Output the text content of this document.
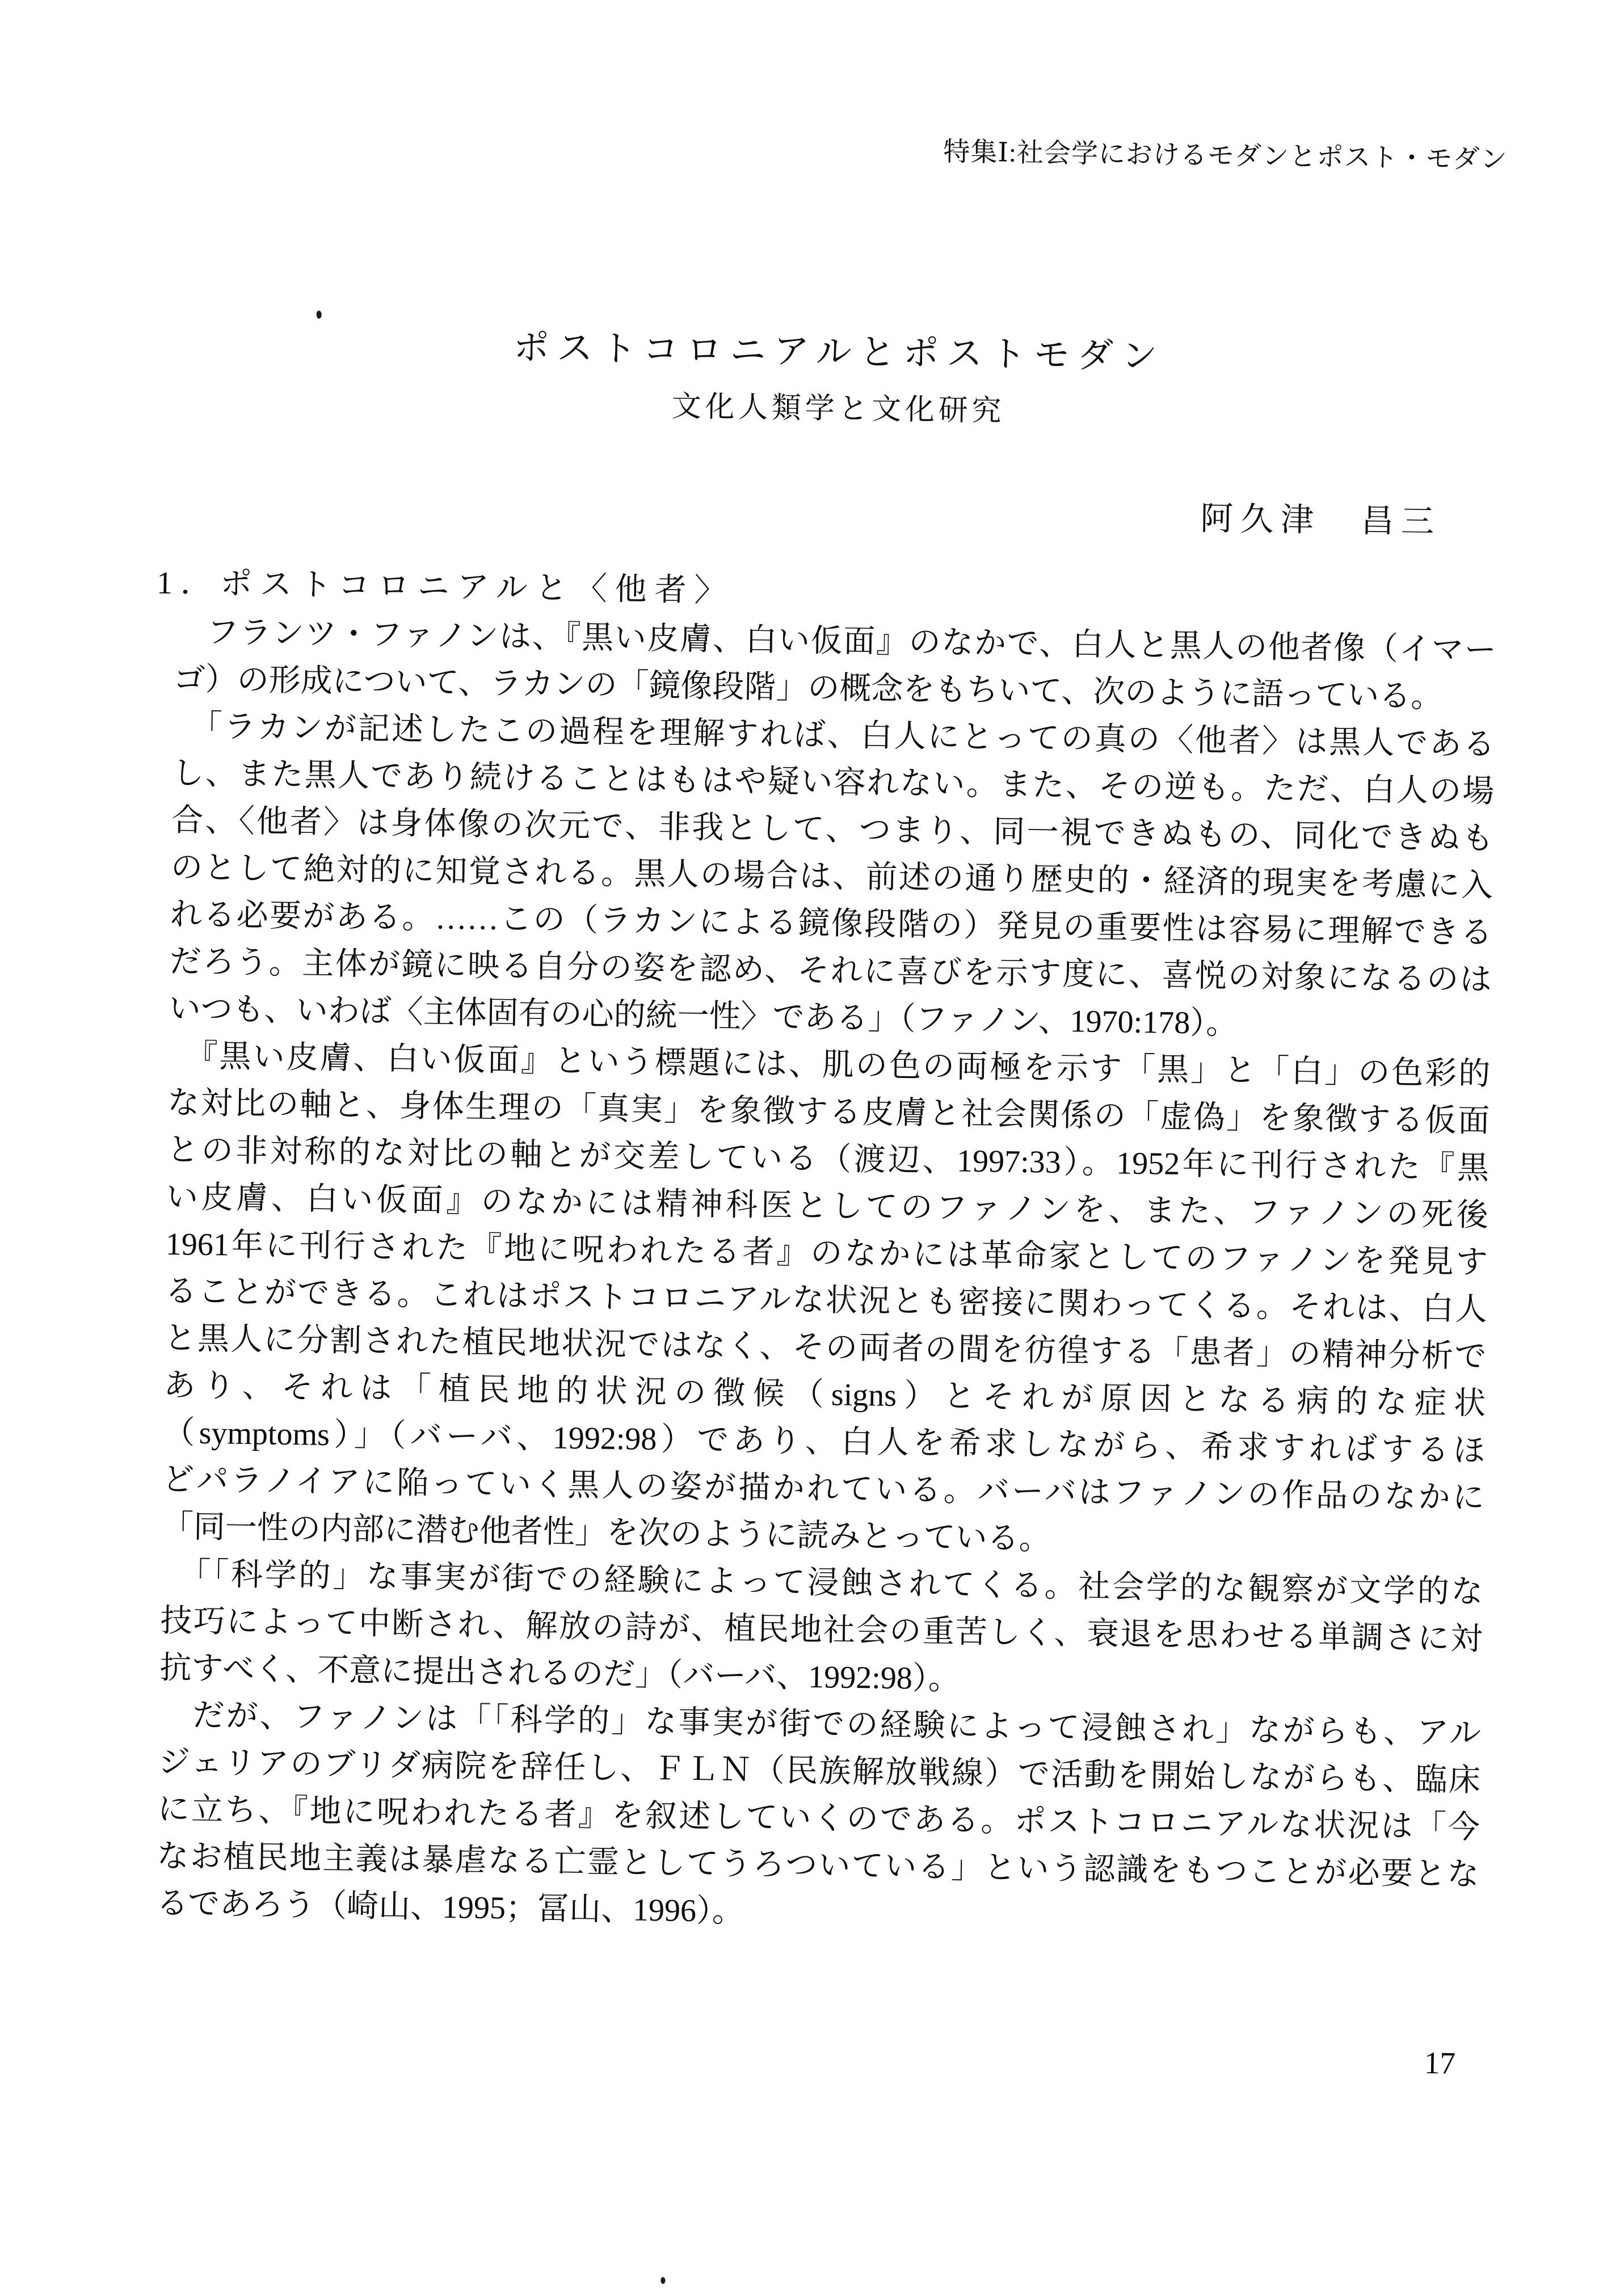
特集Ⅰ:社会学におけるモダンとポスト・モダン
ポストコロニアルとポストモダン
文化人類学と文化研究
阿久津　昌三
1．ポストコロニアルと〈他者〉
　フランツ・ファノンは、『黒い皮膚、白い仮面』のなかで、白人と黒人の他者像（イマー
ゴ）の形成について、ラカンの「鏡像段階」の概念をもちいて、次のように語っている。
　「ラカンが記述したこの過程を理解すれば、白人にとっての真の〈他者〉は黒人である
し、また黒人であり続けることはもはや疑い容れない。また、その逆も。ただ、白人の場
合、〈他者〉は身体像の次元で、非我として、つまり、同一視できぬもの、同化できぬも
のとして絶対的に知覚される。黒人の場合は、前述の通り歴史的・経済的現実を考慮に入
れる必要がある。……この（ラカンによる鏡像段階の）発見の重要性は容易に理解できる
だろう。主体が鏡に映る自分の姿を認め、それに喜びを示す度に、喜悦の対象になるのは
いつも、いわば〈主体固有の心的統一性〉である」（ファノン、1970:178）。
　『黒い皮膚、白い仮面』という標題には、肌の色の両極を示す「黒」と「白」の色彩的
な対比の軸と、身体生理の「真実」を象徴する皮膚と社会関係の「虚偽」を象徴する仮面
との非対称的な対比の軸とが交差している（渡辺、1997:33）。1952年に刊行された『黒
い皮膚、白い仮面』のなかには精神科医としてのファノンを、また、ファノンの死後
1961年に刊行された『地に呪われたる者』のなかには革命家としてのファノンを発見す
ることができる。これはポストコロニアルな状況とも密接に関わってくる。それは、白人
と黒人に分割された植民地状況ではなく、その両者の間を彷徨する「患者」の精神分析で
あり、それは「植民地的状況の徴候（signs）とそれが原因となる病的な症状
（symptoms）」（バーバ、1992:98）であり、白人を希求しながら、希求すればするほ
どパラノイアに陥っていく黒人の姿が描かれている。バーバはファノンの作品のなかに
「同一性の内部に潜む他者性」を次のように読みとっている。
　「「科学的」な事実が街での経験によって浸蝕されてくる。社会学的な観察が文学的な
技巧によって中断され、解放の詩が、植民地社会の重苦しく、衰退を思わせる単調さに対
抗すべく、不意に提出されるのだ」（バーバ、1992:98）。
　だが、ファノンは「「科学的」な事実が街での経験によって浸蝕され」ながらも、アル
ジェリアのブリダ病院を辞任し、ＦＬＮ（民族解放戦線）で活動を開始しながらも、臨床
に立ち、『地に呪われたる者』を叙述していくのである。ポストコロニアルな状況は「今
なお植民地主義は暴虐なる亡霊としてうろついている」という認識をもつことが必要とな
るであろう（崎山、1995；冨山、1996）。
17
